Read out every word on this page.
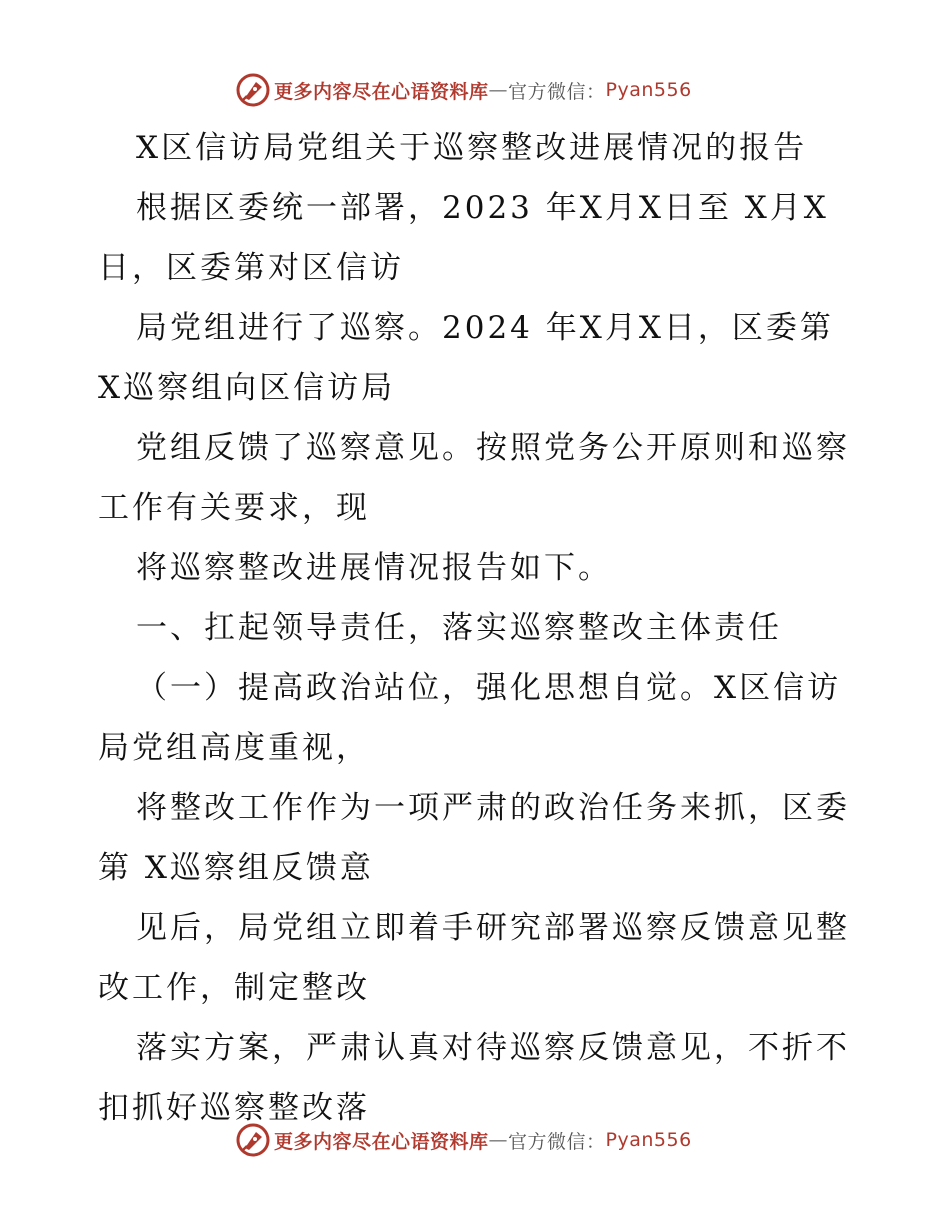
更多内容尽在心语资料库 — 官方微信： Pyan556
X区信访局党组关于巡察整改进展情况的报告
根据区委统一部署，2023 年X月X日至 X月X
日，区委第对区信访
局党组进行了巡察。2024 年X月X日，区委第
X巡察组向区信访局
党组反馈了巡察意见。按照党务公开原则和巡察
工作有关要求，现
将巡察整改进展情况报告如下。
一、扛起领导责任，落实巡察整改主体责任
（一）提高政治站位，强化思想自觉。X区信访
局党组高度重视，
将整改工作作为一项严肃的政治任务来抓，区委
第 X巡察组反馈意
见后，局党组立即着手研究部署巡察反馈意见整
改工作，制定整改
落实方案，严肃认真对待巡察反馈意见，不折不
扣抓好巡察整改落
更多内容尽在心语资料库 — 官方微信： Pyan556
